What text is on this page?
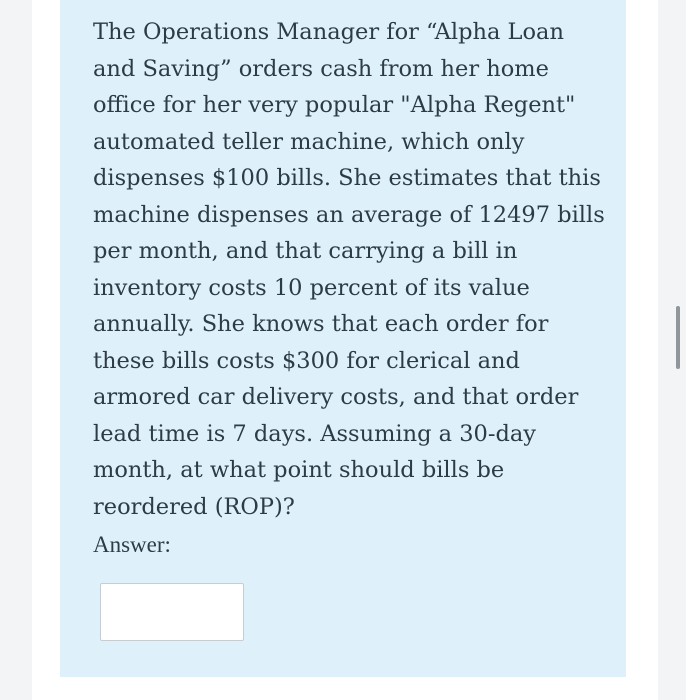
The Operations Manager for “Alpha Loan and Saving” orders cash from her home office for her very popular "Alpha Regent" automated teller machine, which only dispenses $100 bills. She estimates that this machine dispenses an average of 12497 bills per month, and that carrying a bill in inventory costs 10 percent of its value annually. She knows that each order for these bills costs $300 for clerical and armored car delivery costs, and that order lead time is 7 days. Assuming a 30-day month, at what point should bills be reordered (ROP)?

Answer:
